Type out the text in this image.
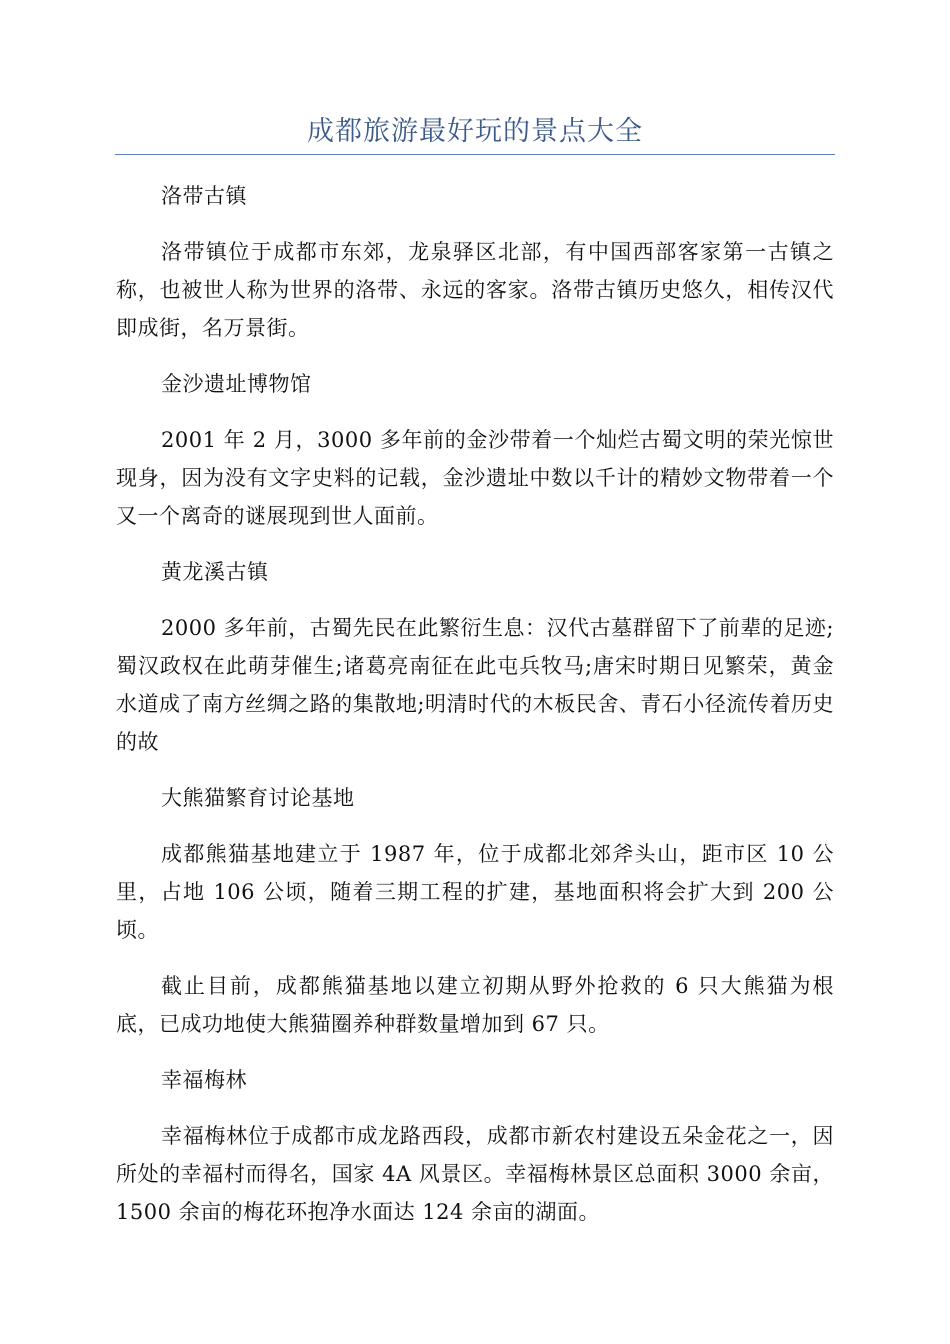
成都旅游最好玩的景点大全

洛带古镇

洛带镇位于成都市东郊，龙泉驿区北部，有中国西部客家第一古镇之称，也被世人称为世界的洛带、永远的客家。洛带古镇历史悠久，相传汉代即成街，名万景街。

金沙遗址博物馆

2001 年 2 月，3000 多年前的金沙带着一个灿烂古蜀文明的荣光惊世现身，因为没有文字史料的记载，金沙遗址中数以千计的精妙文物带着一个又一个离奇的谜展现到世人面前。

黄龙溪古镇

2000 多年前，古蜀先民在此繁衍生息：汉代古墓群留下了前辈的足迹;蜀汉政权在此萌芽催生;诸葛亮南征在此屯兵牧马;唐宋时期日见繁荣，黄金水道成了南方丝绸之路的集散地;明清时代的木板民舍、青石小径流传着历史的故

大熊猫繁育讨论基地

成都熊猫基地建立于 1987 年，位于成都北郊斧头山，距市区 10 公里，占地 106 公顷，随着三期工程的扩建，基地面积将会扩大到 200 公顷。

截止目前，成都熊猫基地以建立初期从野外抢救的 6 只大熊猫为根底，已成功地使大熊猫圈养种群数量增加到 67 只。

幸福梅林

幸福梅林位于成都市成龙路西段，成都市新农村建设五朵金花之一，因所处的幸福村而得名，国家 4A 风景区。幸福梅林景区总面积 3000 余亩，1500 余亩的梅花环抱净水面达 124 余亩的湖面。
